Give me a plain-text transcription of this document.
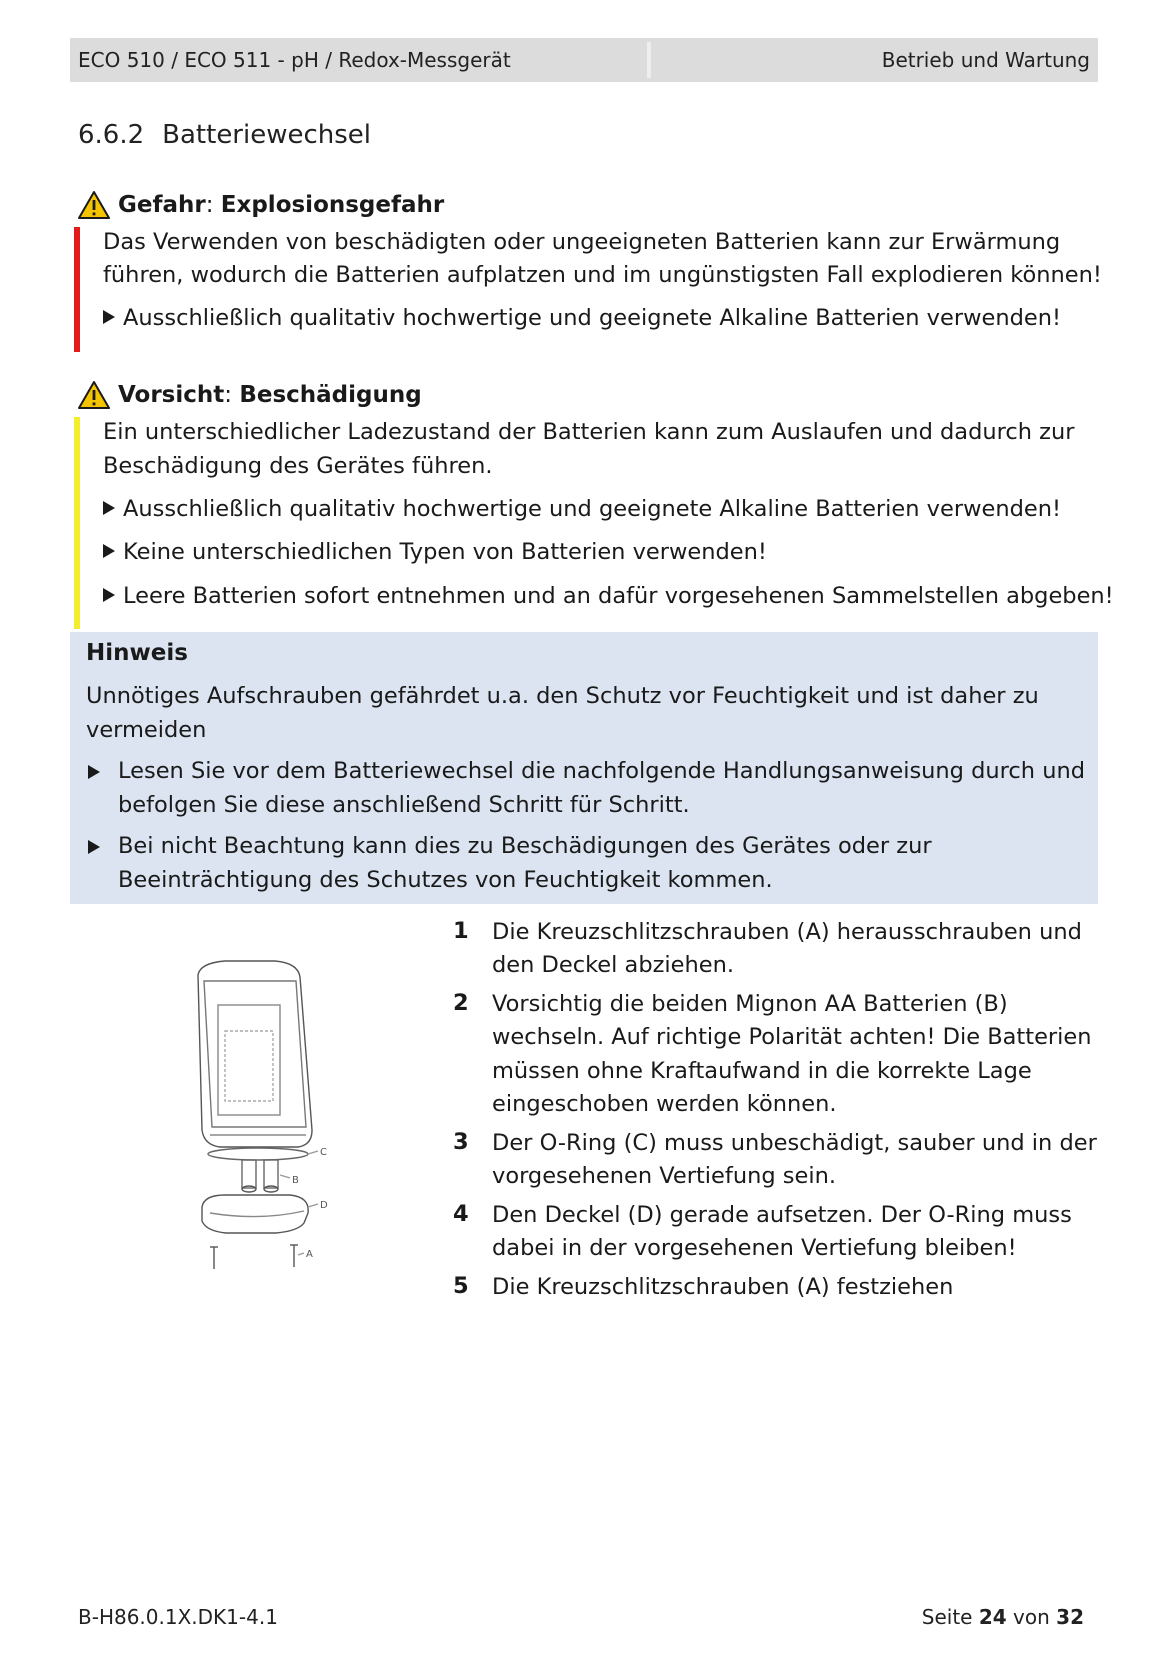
ECO 510 / ECO 511 - pH / Redox-Messgerät	Betrieb und Wartung
6.6.2 Batteriewechsel
Gefahr : Explosionsgefahr
Das Verwenden von beschädigten oder ungeeigneten Batterien kann zur Erwärmung
führen, wodurch die Batterien aufplatzen und im ungünstigsten Fall explodieren können!
Ausschließlich qualitativ hochwertige und geeignete Alkaline Batterien verwenden!
Vorsicht : Beschädigung
Ein unterschiedlicher Ladezustand der Batterien kann zum Auslaufen und dadurch zur
Beschädigung des Gerätes führen.
Ausschließlich qualitativ hochwertige und geeignete Alkaline Batterien verwenden!
Keine unterschiedlichen Typen von Batterien verwenden!
Leere Batterien sofort entnehmen und an dafür vorgesehenen Sammelstellen abgeben!
Hinweis
Unnötiges Aufschrauben gefährdet u.a. den Schutz vor Feuchtigkeit und ist daher zu
vermeiden
Lesen Sie vor dem Batteriewechsel die nachfolgende Handlungsanweisung durch und
befolgen Sie diese anschließend Schritt für Schritt.
Bei nicht Beachtung kann dies zu Beschädigungen des Gerätes oder zur
Beeinträchtigung des Schutzes von Feuchtigkeit kommen.
C
B
D
A
1 Die Kreuzschlitzschrauben (A) herausschrauben und
den Deckel abziehen.
2 Vorsichtig die beiden Mignon AA Batterien (B)
wechseln. Auf richtige Polarität achten! Die Batterien
müssen ohne Kraftaufwand in die korrekte Lage
eingeschoben werden können.
3 Der O-Ring (C) muss unbeschädigt, sauber und in der
vorgesehenen Vertiefung sein.
4 Den Deckel (D) gerade aufsetzen. Der O-Ring muss
dabei in der vorgesehenen Vertiefung bleiben!
5 Die Kreuzschlitzschrauben (A) festziehen
B-H86.0.1X.DK1-4.1	Seite 24 von 32
